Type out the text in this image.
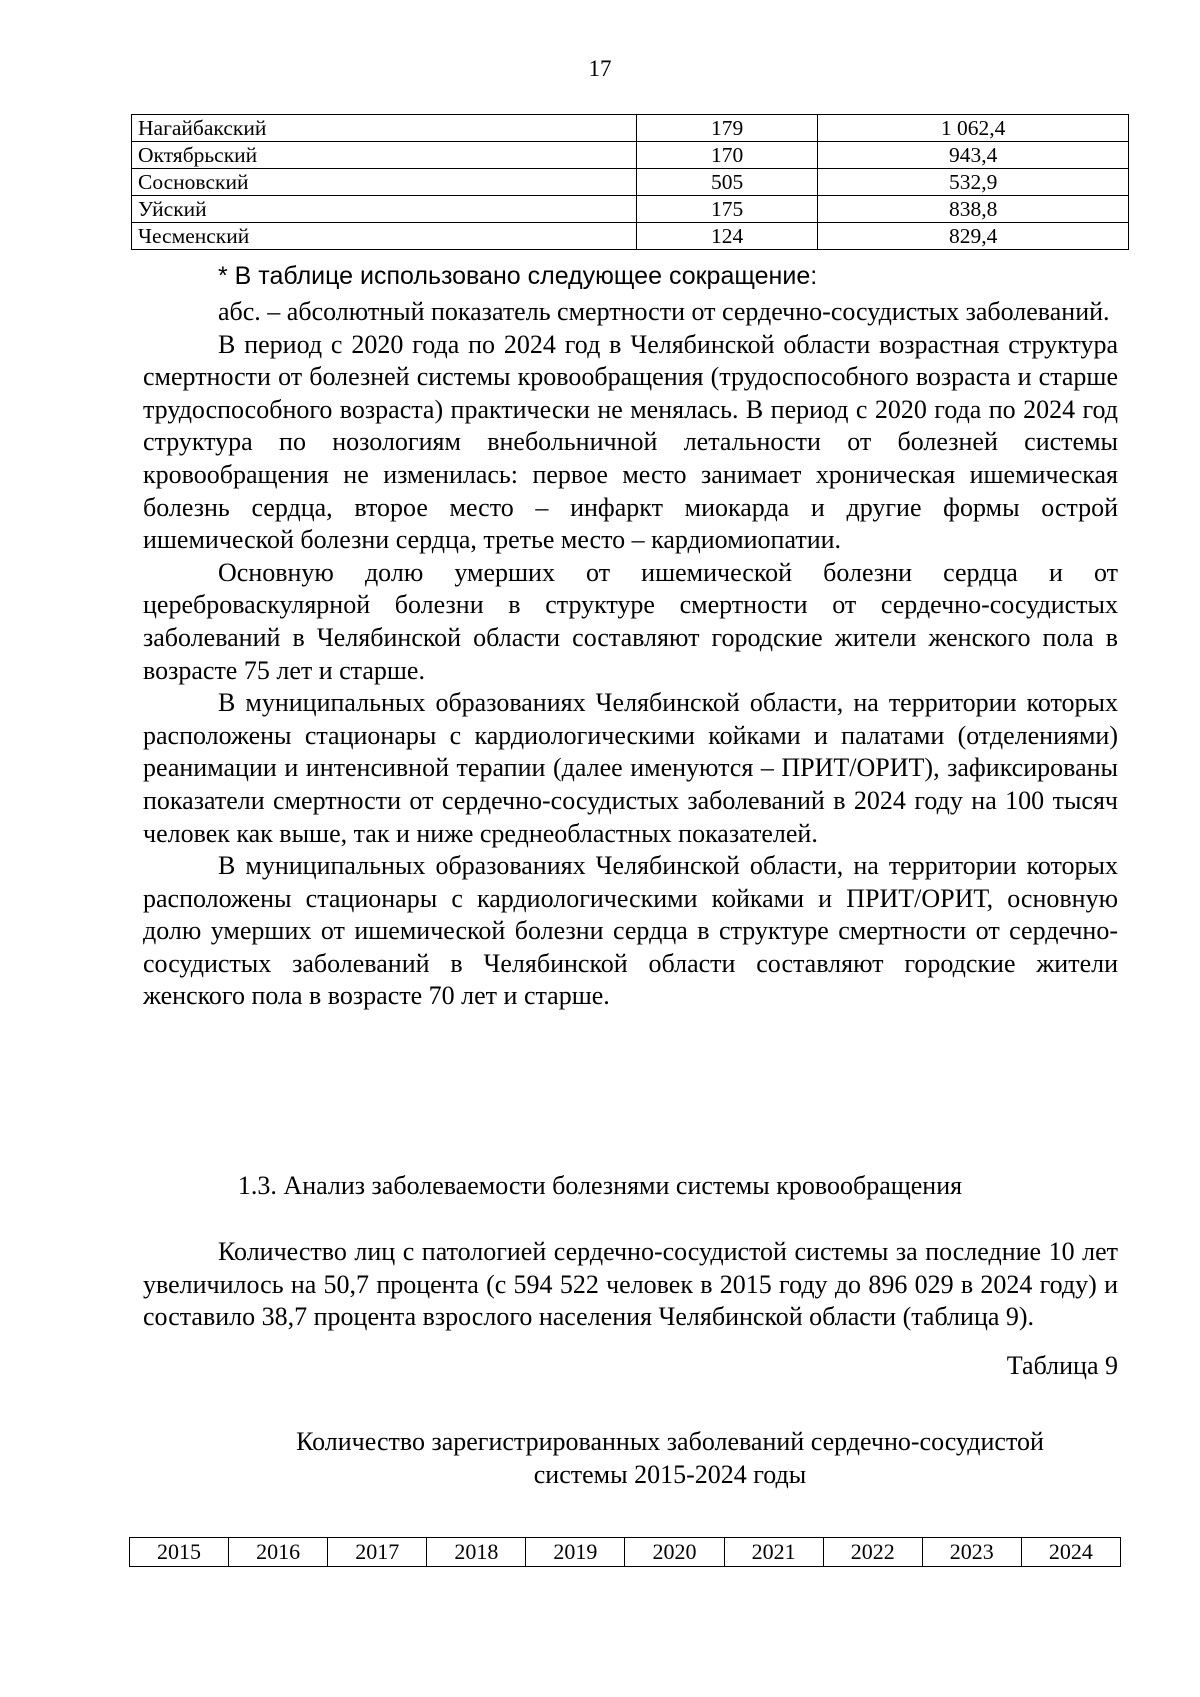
17
Нагайбакский	179	1 062,4
Октябрьский	170	943,4
Сосновский	505	532,9
Уйский	175	838,8
Чесменский	124	829,4
* В таблице использовано следующее сокращение:

абс. – абсолютный показатель смертности от сердечно-сосудистых заболеваний.

В период с 2020 года по 2024 год в Челябинской области возрастная структура смертности от болезней системы кровообращения (трудоспособного возраста и старше трудоспособного возраста) практически не менялась. В период с 2020 года по 2024 год структура по нозологиям внебольничной летальности от болезней системы кровообращения не изменилась: первое место занимает хроническая ишемическая болезнь сердца, второе место – инфаркт миокарда и другие формы острой ишемической болезни сердца, третье место – кардиомиопатии.

Основную долю умерших от ишемической болезни сердца и от цереброваскулярной болезни в структуре смертности от сердечно-сосудистых заболеваний в Челябинской области составляют городские жители женского пола в возрасте 75 лет и старше.

В муниципальных образованиях Челябинской области, на территории которых расположены стационары с кардиологическими койками и палатами (отделениями) реанимации и интенсивной терапии (далее именуются – ПРИТ/ОРИТ), зафиксированы показатели смертности от сердечно-сосудистых заболеваний в 2024 году на 100 тысяч человек как выше, так и ниже среднеобластных показателей.

В муниципальных образованиях Челябинской области, на территории которых расположены стационары с кардиологическими койками и ПРИТ/ОРИТ, основную долю умерших от ишемической болезни сердца в структуре смертности от сердечно-сосудистых заболеваний в Челябинской области составляют городские жители женского пола в возрасте 70 лет и старше.

1.3. Анализ заболеваемости болезнями системы кровообращения

Количество лиц с патологией сердечно-сосудистой системы за последние 10 лет увеличилось на 50,7 процента (с 594 522 человек в 2015 году до 896 029 в 2024 году) и составило 38,7 процента взрослого населения Челябинской области (таблица 9).

Таблица 9
Количество зарегистрированных заболеваний сердечно-сосудистой
системы 2015-2024 годы
2015	2016	2017	2018	2019	2020	2021	2022	2023	2024
